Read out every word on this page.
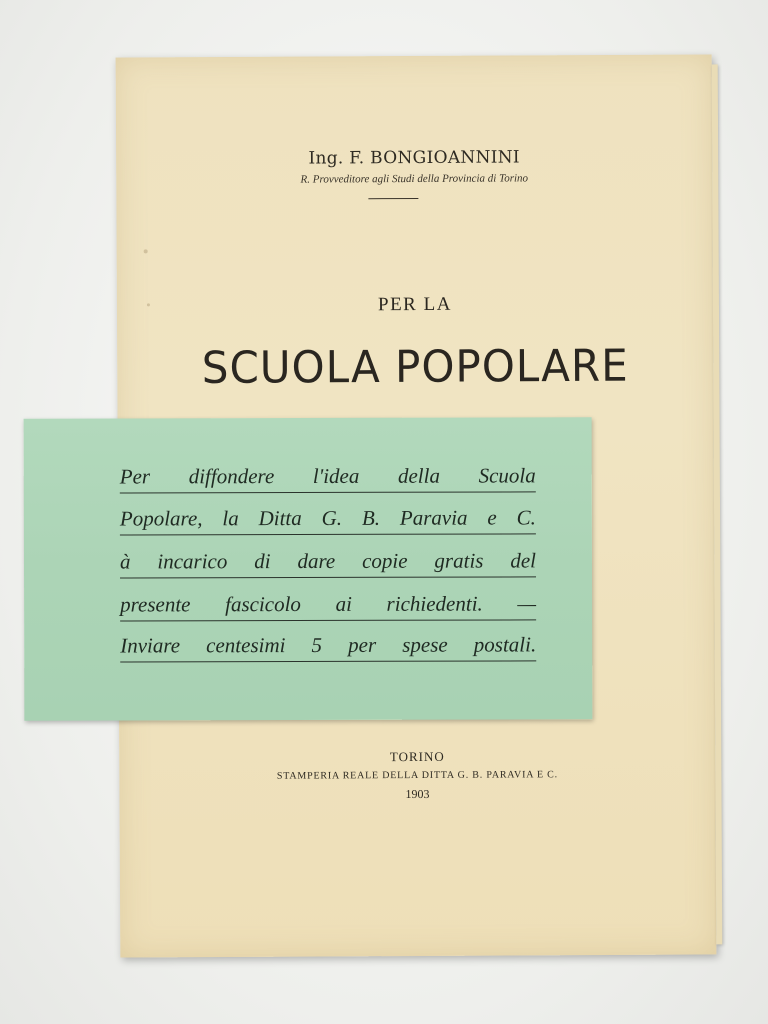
Ing. F. BONGIOANNINI
R. Provveditore agli Studi della Provincia di Torino
PER LA
SCUOLA POPOLARE
TORINO
STAMPERIA REALE DELLA DITTA G. B. PARAVIA E C.
1903
Per diffondere l'idea della Scuola
Popolare, la Ditta G. B. Paravia e C.
à incarico di dare copie gratis del
presente fascicolo ai richiedenti. —
Inviare centesimi 5 per spese postali.
